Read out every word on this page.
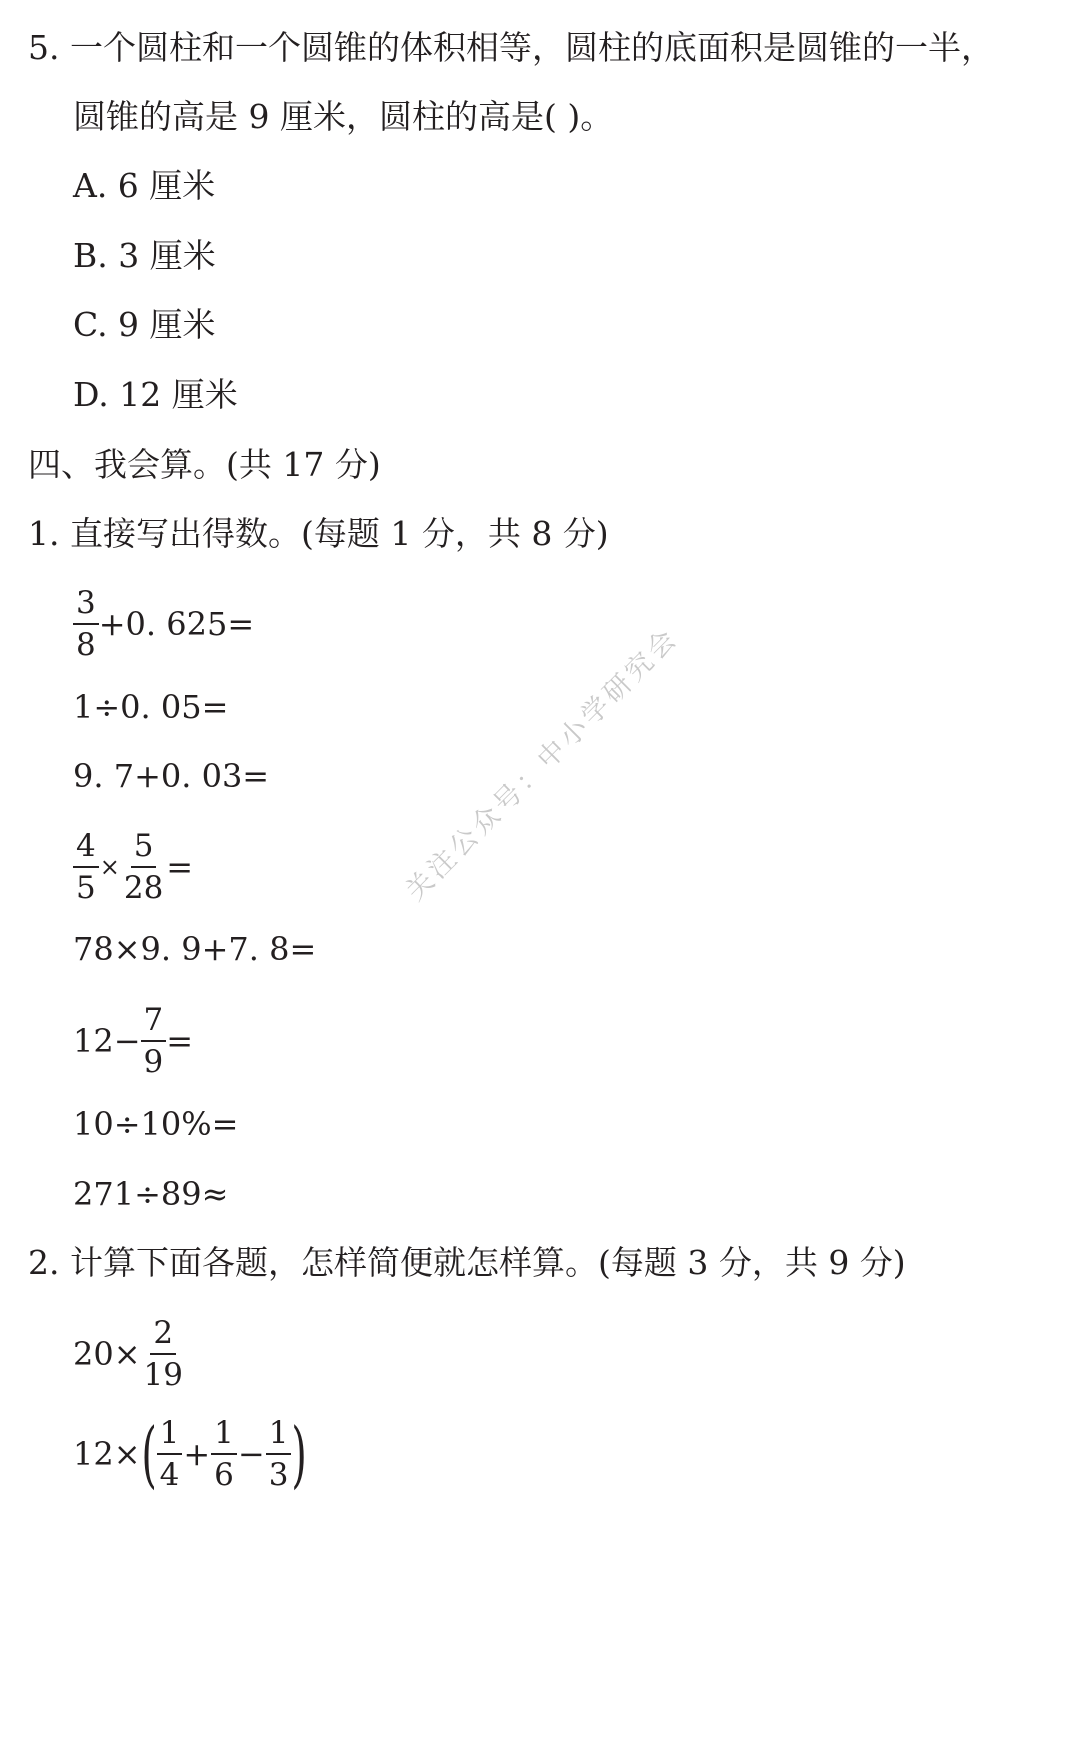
5. 一个圆柱和一个圆锥的体积相等，圆柱的底面积是圆锥的一半，
圆锥的高是 9 厘米，圆柱的高是( )。
A. 6 厘米
B. 3 厘米
C. 9 厘米
D. 12 厘米
四、我会算。(共 17 分)
1. 直接写出得数。(每题 1 分，共 8 分)
$\frac{3}{8} +0$. 625=
1÷0. 05=
9. 7+0. 03=
$\frac{4}{5} \times \frac{5}{28}$ =
78×9. 9+7. 8=
$12- \frac{7}{9}$ =
10÷10%=
271÷89≈
2. 计算下面各题，怎样简便就怎样算。(每题 3 分，共 9 分)
$20\times \frac{2}{19}$
12× ( $\frac{1}{4} + \frac{1}{6} - \frac{1}{3}$ )
关注公众号：中小学研究会
